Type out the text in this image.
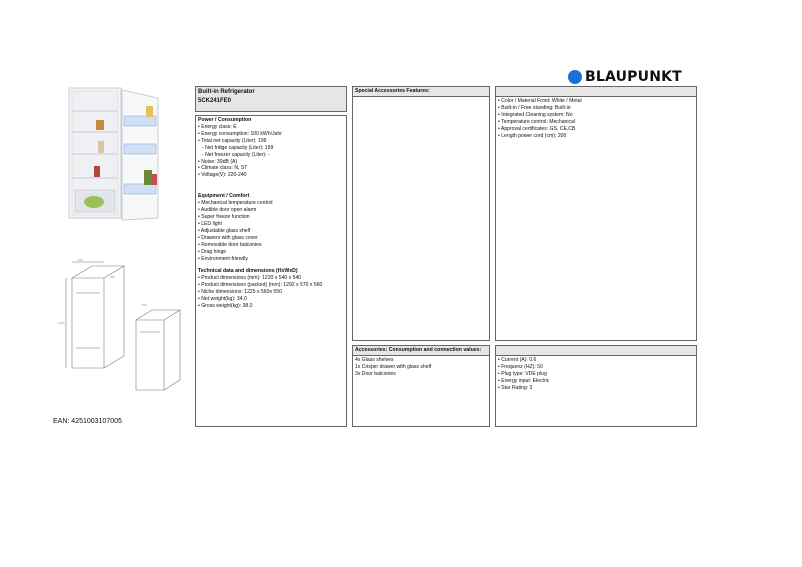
BLAUPUNKT
540
1220
560
550
EAN: 4251003107005
Built-in Refrigerator
5CK241FE0
Power / Consumption
• Energy class: E
• Energy consumption: 100 kWh/Jahr
• Total net capacity (Liter): 199
- Net fridge capacity (Liter): 199
- Net freezer capacity (Liter): -
• Noise: 39dB (A)
• Climate class: N, ST
• Voltage(V): 220-240
Equipment / Comfort
• Mechanical temperature control
• Audible door open alarm
• Super freeze function
• LED light
• Adjustable glass shelf
• Drawers with glass cover
• Removable door balconies
• Drag hinge
• Environment-friendly
Technical data and dimensions (HxWxD)
• Product dimensions (mm): 1220 x 540 x 540
• Product dimensions (packed) (mm): 1292 x 570 x 560
• Niche dimensions: 1225 x 560x 550
• Net weight(kg): 34.0
• Gross weight(kg): 38.0
Special Accessories Features:
Accessories: Consumption and connection values:
4x Glass shelves
1x Crisper drawer with glass shelf
3x Door balconies
• Color / Material Front: White / Metal
• Built-in / Free standing: Built-in
• Integrated Cleaning system: No
• Temperature control: Mechanical
• Approval certificates: GS, CE,CB
• Length power cord (cm): 200
• Current (A): 0.6
• Frequenz (HZ): 50
• Plug type: VDE plug
• Energy input: Electric
• Star Rating: 3
